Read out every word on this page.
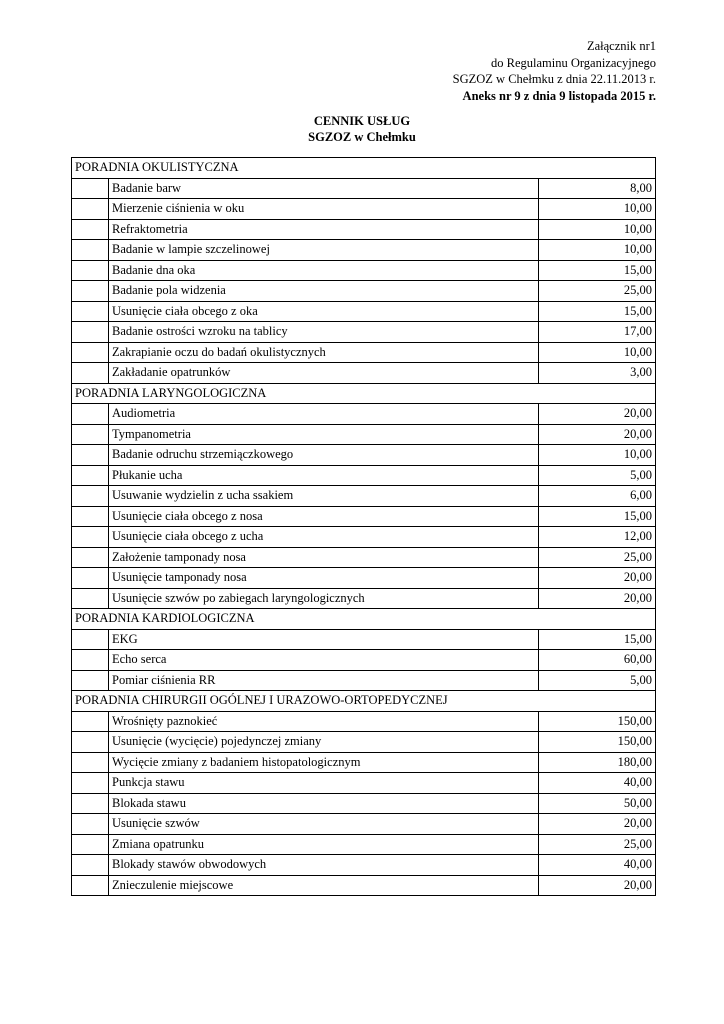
Załącznik nr1
do Regulaminu Organizacyjnego
SGZOZ w Chełmku z dnia 22.11.2013 r.
Aneks nr 9 z dnia 9 listopada 2015 r.
CENNIK USŁUG
SGZOZ w Chełmku
PORADNIA OKULISTYCZNA		
	Badanie barw	8,00
	Mierzenie ciśnienia w oku	10,00
	Refraktometria	10,00
	Badanie w lampie szczelinowej	10,00
	Badanie dna oka	15,00
	Badanie pola widzenia	25,00
	Usunięcie ciała obcego z oka	15,00
	Badanie ostrości wzroku na tablicy	17,00
	Zakrapianie oczu do badań okulistycznych	10,00
	Zakładanie opatrunków	3,00
PORADNIA LARYNGOLOGICZNA		
	Audiometria	20,00
	Tympanometria	20,00
	Badanie odruchu strzemiączkowego	10,00
	Płukanie ucha	5,00
	Usuwanie wydzielin z ucha ssakiem	6,00
	Usunięcie ciała obcego z nosa	15,00
	Usunięcie ciała obcego z ucha	12,00
	Założenie tamponady nosa	25,00
	Usunięcie tamponady nosa	20,00
	Usunięcie szwów po zabiegach laryngologicznych	20,00
PORADNIA KARDIOLOGICZNA		
	EKG	15,00
	Echo serca	60,00
	Pomiar ciśnienia RR	5,00
PORADNIA CHIRURGII OGÓLNEJ I URAZOWO-ORTOPEDYCZNEJ		
	Wrośnięty paznokieć	150,00
	Usunięcie (wycięcie) pojedynczej zmiany	150,00
	Wycięcie zmiany z badaniem histopatologicznym	180,00
	Punkcja stawu	40,00
	Blokada stawu	50,00
	Usunięcie szwów	20,00
	Zmiana opatrunku	25,00
	Blokady stawów obwodowych	40,00
	Znieczulenie miejscowe	20,00
